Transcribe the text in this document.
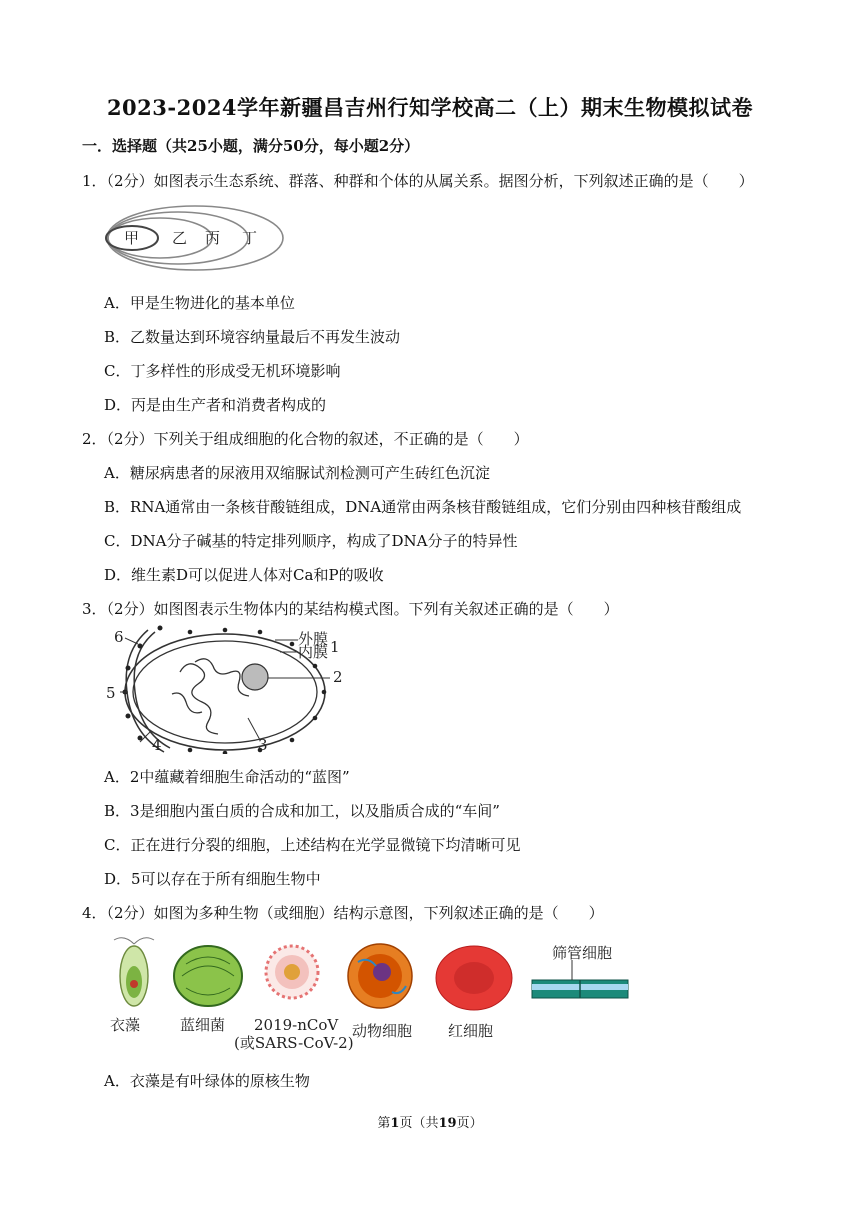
2023-2024学年新疆昌吉州行知学校高二（上）期末生物模拟试卷
一．选择题（共25小题，满分50分，每小题2分）
1．（2分）如图表示生态系统、群落、种群和个体的从属关系。据图分析，下列叙述正确的是（　　）
甲 乙 丙 丁
A．甲是生物进化的基本单位
B．乙数量达到环境容纳量最后不再发生波动
C．丁多样性的形成受无机环境影响
D．丙是由生产者和消费者构成的
2．（2分）下列关于组成细胞的化合物的叙述，不正确的是（　　）
A．糖尿病患者的尿液用双缩脲试剂检测可产生砖红色沉淀
B．RNA通常由一条核苷酸链组成，DNA通常由两条核苷酸链组成，它们分别由四种核苷酸组成
C．DNA分子碱基的特定排列顺序，构成了DNA分子的特异性
D．维生素D可以促进人体对Ca和P的吸收
3．（2分）如图图表示生物体内的某结构模式图。下列有关叙述正确的是（　　）
外膜
内膜 1
2
3
4
5
6
A．2中蕴藏着细胞生命活动的“蓝图”
B．3是细胞内蛋白质的合成和加工，以及脂质合成的“车间”
C．正在进行分裂的细胞，上述结构在光学显微镜下均清晰可见
D．5可以存在于所有细胞生物中
4．（2分）如图为多种生物（或细胞）结构示意图，下列叙述正确的是（　　）
筛管细胞
衣藻	蓝细菌 2019-nCoV
(或SARS-CoV-2)
动物细胞 红细胞
A．衣藻是有叶绿体的原核生物
第1页（共19页）
